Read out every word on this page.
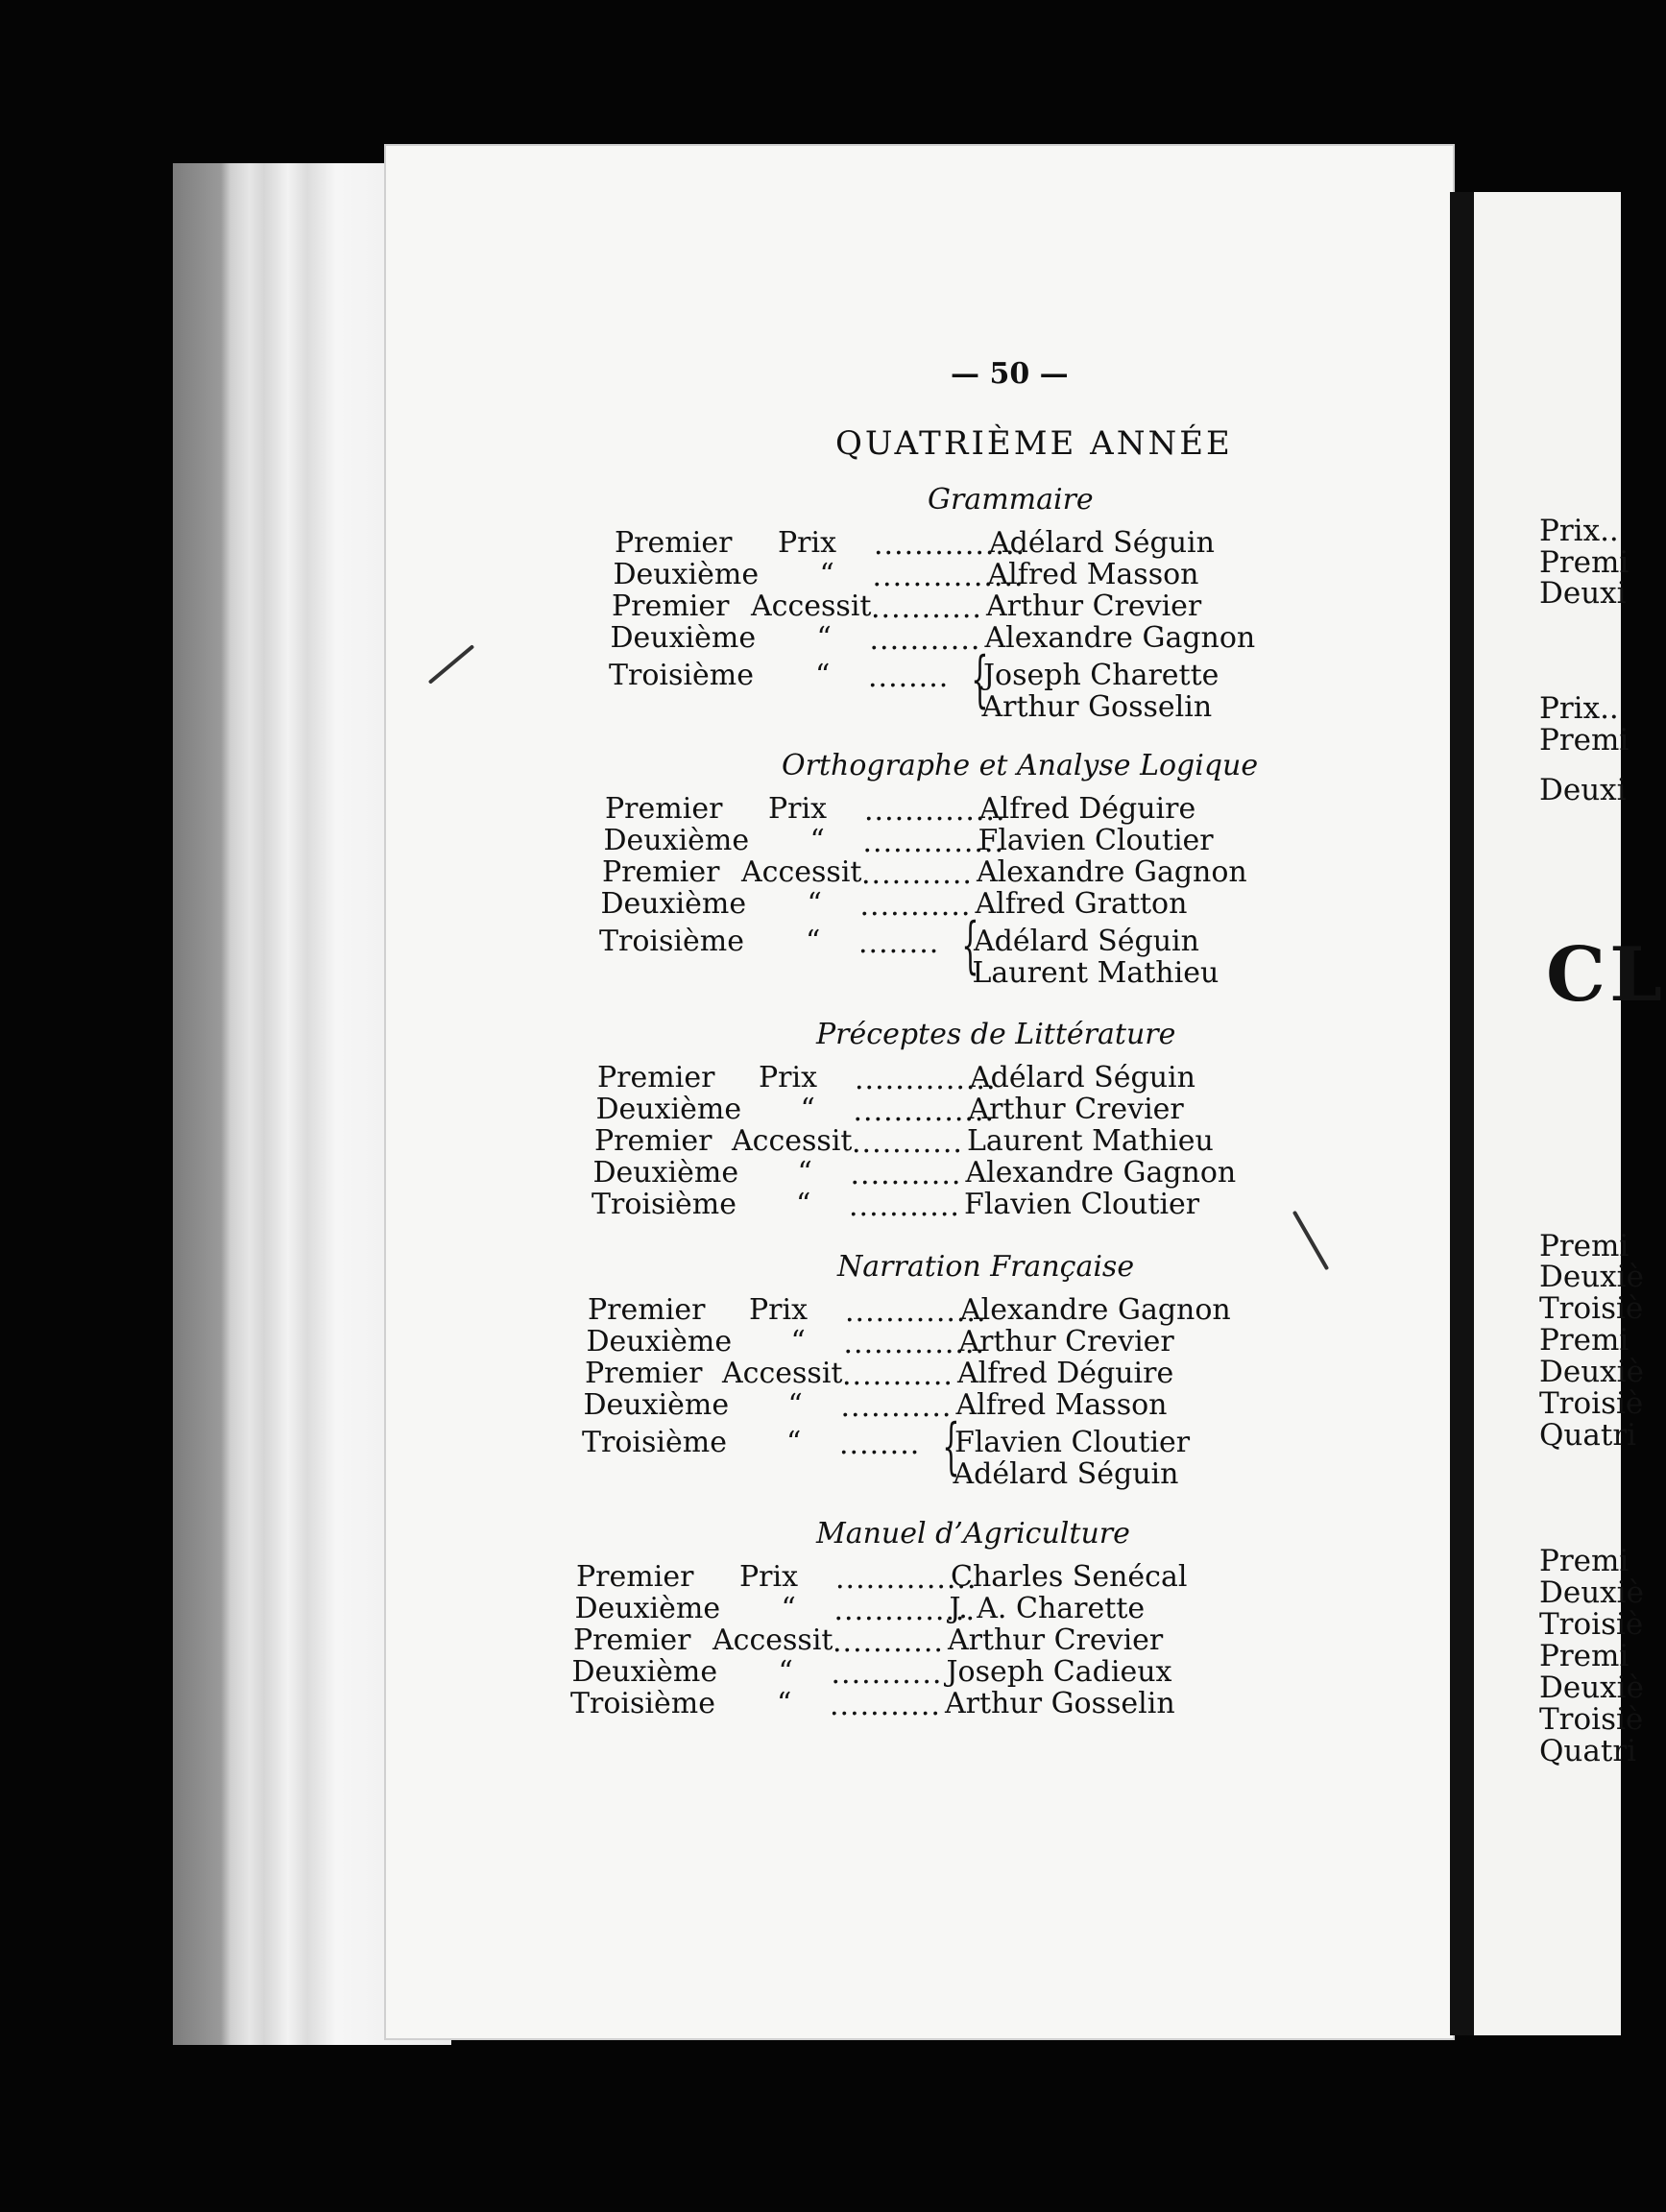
Prix..
Premi
Deuxi
Prix..
Premi
Deuxi
CL
Premi
Deuxiè
Troisiè
Premi
Deuxiè
Troisiè
Quatri
Premi
Deuxiè
Troisiè
Premi
Deuxiè
Troisiè
Quatri
— 50 —
QUATRIÈME ANNÉE
Grammaire
Premier Prix ...............
Adélard Séguin
Deuxième “ ...............
Alfred Masson
Premier Accessit ........... Arthur Crevier
Deuxième “ ........... Alexandre Gagnon
Troisième “ ........ Joseph Charette
Arthur Gosselin
{
Orthographe et Analyse Logique
Premier Prix ..............
Alfred Déguire
Deuxième “ ..............
Flavien Cloutier
Premier Accessit ........... Alexandre Gagnon
Deuxième “ ........... Alfred Gratton
Troisième “ ........ Adélard Séguin
Laurent Mathieu
{
Préceptes de Littérature
Premier Prix ..............
Adélard Séguin
Deuxième “ ..............
Arthur Crevier
Premier Accessit ........... Laurent Mathieu
Deuxième “ ........... Alexandre Gagnon
Troisième “ ........... Flavien Cloutier
Narration Française
Premier Prix ..............
Alexandre Gagnon
Deuxième “ ..............
Arthur Crevier
Premier Accessit ........... Alfred Déguire
Deuxième “ ........... Alfred Masson
Troisième “ ........ Flavien Cloutier
Adélard Séguin
{
Manuel d’Agriculture
Premier Prix ..............
Charles Senécal
Deuxième “ ..............
J. A. Charette
Premier Accessit ........... Arthur Crevier
Deuxième “ ........... Joseph Cadieux
Troisième “ ........... Arthur Gosselin
